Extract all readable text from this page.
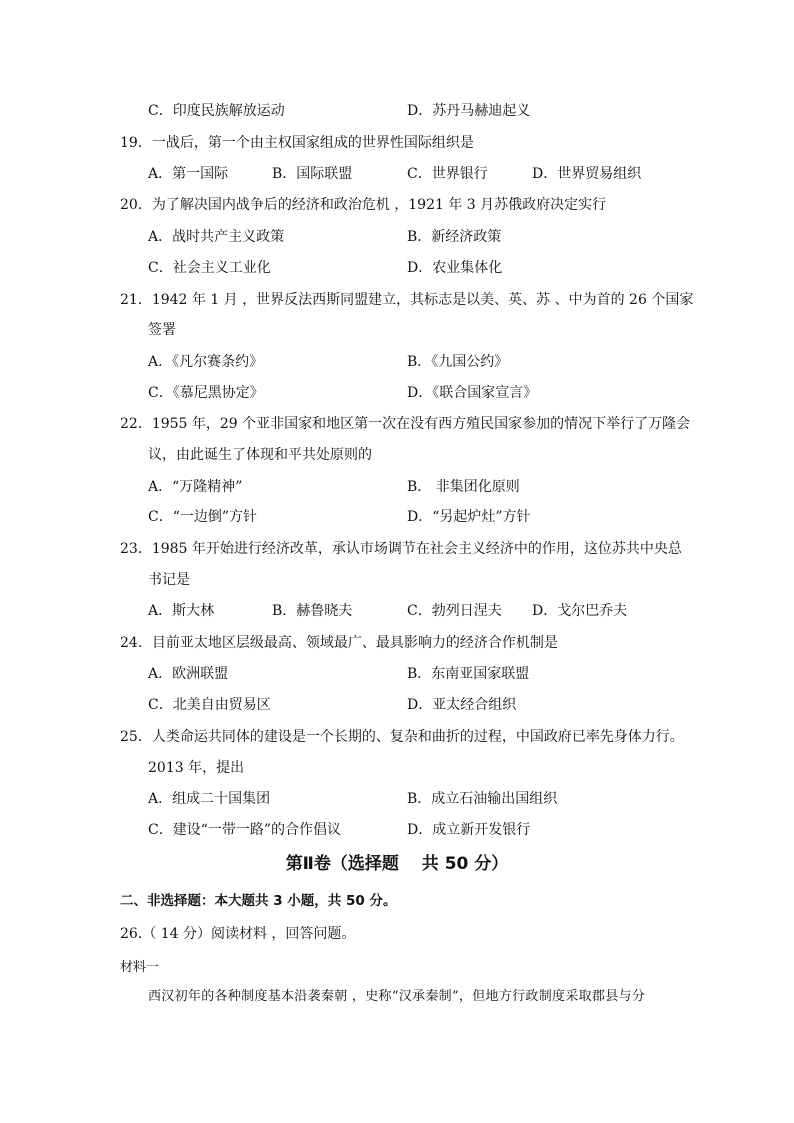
C．印度民族解放运动	D．苏丹马赫迪起义
19．一战后，第一个由主权国家组成的世界性国际组织是
A．第一国际	B．国际联盟	C．世界银行	D．世界贸易组织
20．为了解决国内战争后的经济和政治危机 ，1921 年 3 月苏俄政府决定实行
A．战时共产主义政策	B．新经济政策
C．社会主义工业化	D．农业集体化
21．1942 年 1 月 ，世界反法西斯同盟建立，其标志是以美、英、苏 、中为首的 26 个国家
签署
A．《凡尔赛条约》	B．《九国公约》
C．《慕尼黑协定》	D．《联合国家宣言》
22．1955 年，29 个亚非国家和地区第一次在没有西方殖民国家参加的情况下举行了万隆会
议，由此诞生了体现和平共处原则的
A．“万隆精神”	B． 非集团化原则
C．“一边倒”方针	D．“另起炉灶”方针
23．1985 年开始进行经济改革，承认市场调节在社会主义经济中的作用，这位苏共中央总
书记是
A．斯大林	B．赫鲁晓夫	C．勃列日涅夫 D．戈尔巴乔夫
24．目前亚太地区层级最高、领域最广、最具影响力的经济合作机制是
A．欧洲联盟	B．东南亚国家联盟
C．北美自由贸易区	D．亚太经合组织
25．人类命运共同体的建设是一个长期的、复杂和曲折的过程，中国政府已率先身体力行。
2013 年，提出
A．组成二十国集团	B．成立石油输出国组织
C．建设“一带一路”的合作倡议	D．成立新开发银行
第Ⅱ卷（选择题　 共 50 分）
二、非选择题：本大题共 3 小题，共 50 分。
26.（ 14 分）阅读材料 ，回答问题。
材料一
西汉初年的各种制度基本沿袭秦朝 ，史称“汉承秦制”，但地方行政制度采取郡县与分
